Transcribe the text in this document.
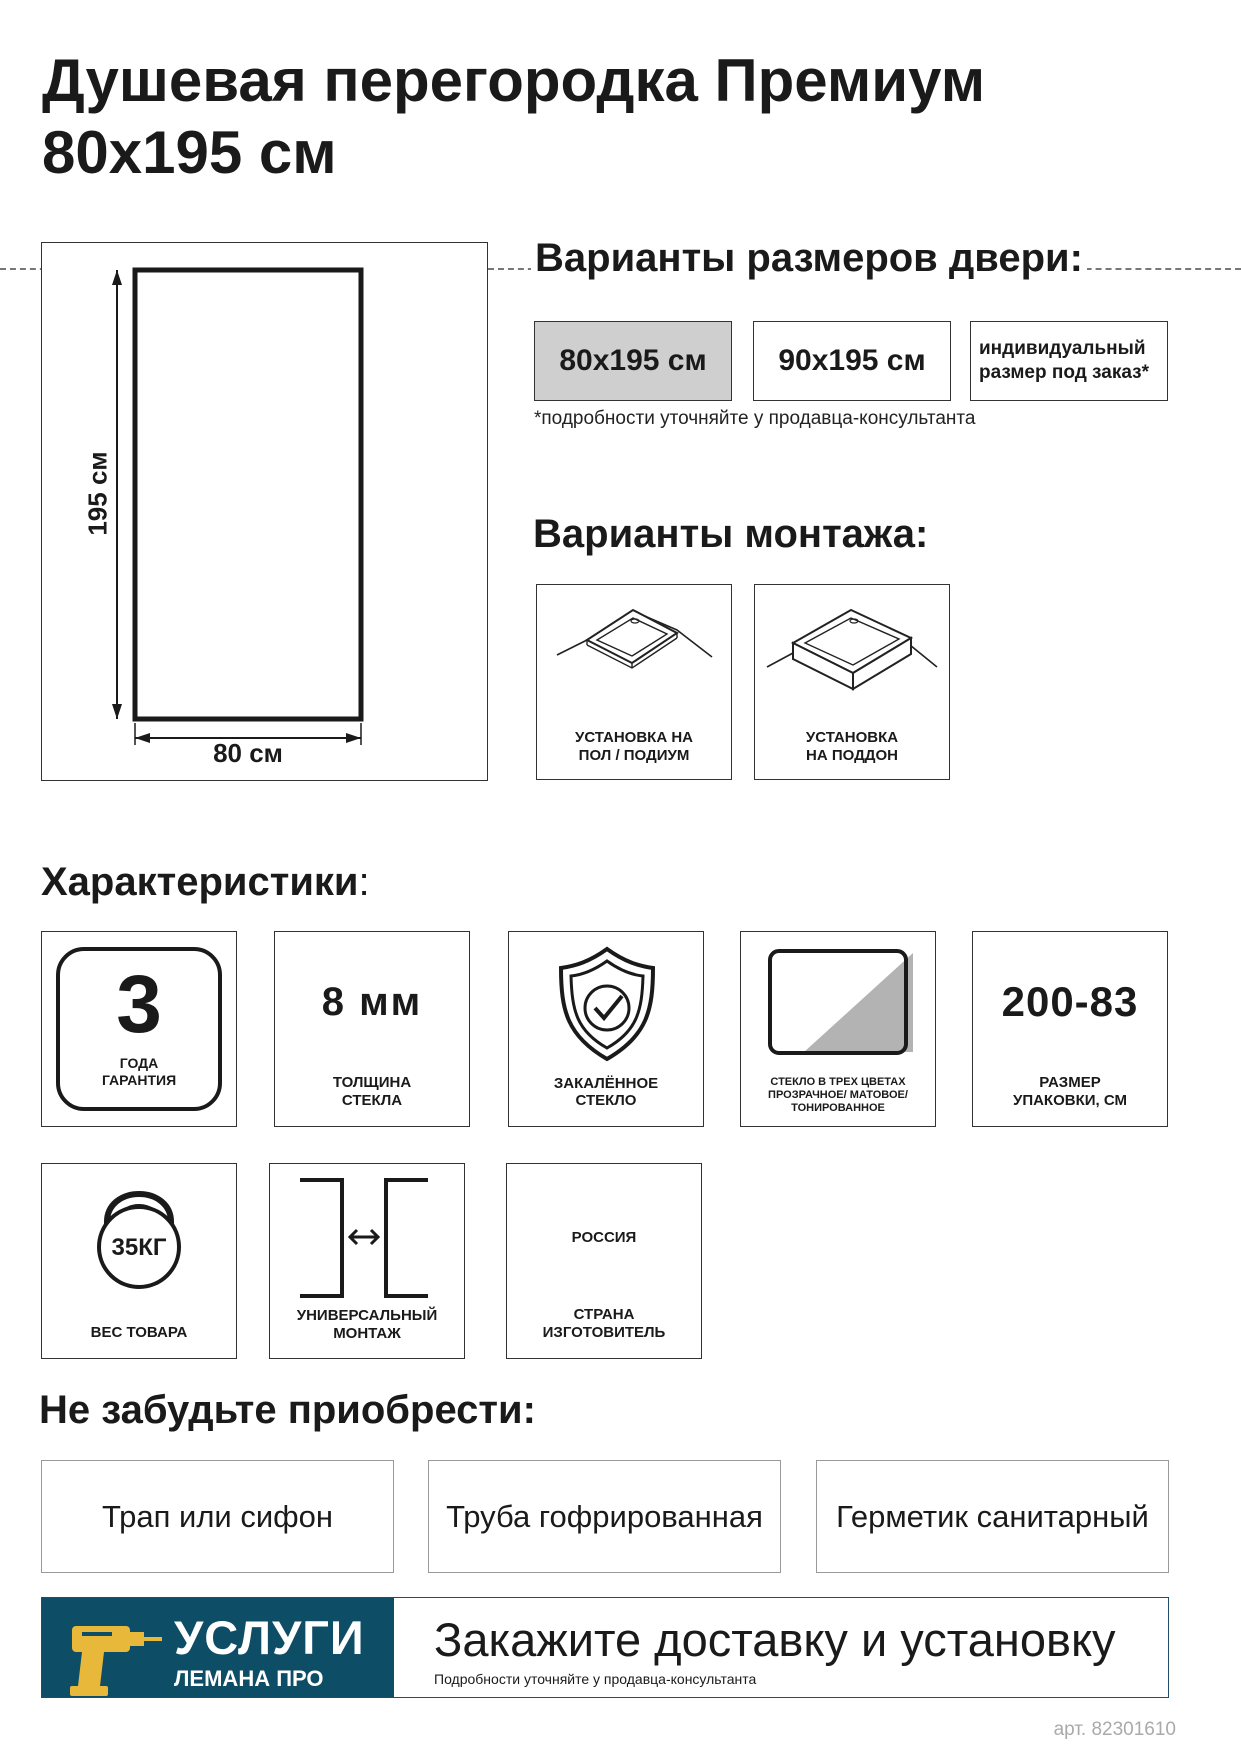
Душевая перегородка Премиум
80x195 см
195 см
80 см
Варианты размеров двери:
80x195 см 90x195 см	индивидуальный размер под заказ*
*подробности уточняйте у продавца-консультанта
Варианты монтажа:
УСТАНОВКА НА ПОЛ / ПОДИУМ
УСТАНОВКА НА ПОДДОН
Характеристики:
3
ГОДА ГАРАНТИЯ
8 мм
ТОЛЩИНА СТЕКЛА
ЗАКАЛЁННОЕ СТЕКЛО
СТЕКЛО В ТРЕХ ЦВЕТАХ ПРОЗРАЧНОЕ/ МАТОВОЕ/ТОНИРОВАННОЕ
200-83
РАЗМЕР УПАКОВКИ, СМ
35КГ
ВЕС ТОВАРА
УНИВЕРСАЛЬНЫЙ МОНТАЖ
РОССИЯ
СТРАНА ИЗГОТОВИТЕЛЬ
Не забудьте приобрести:
Трап или сифон	Труба гофрированная Герметик санитарный
УСЛУГИ
ЛЕМАНА ПРО
Закажите доставку и установку
Подробности уточняйте у продавца-консультанта
арт. 82301610
